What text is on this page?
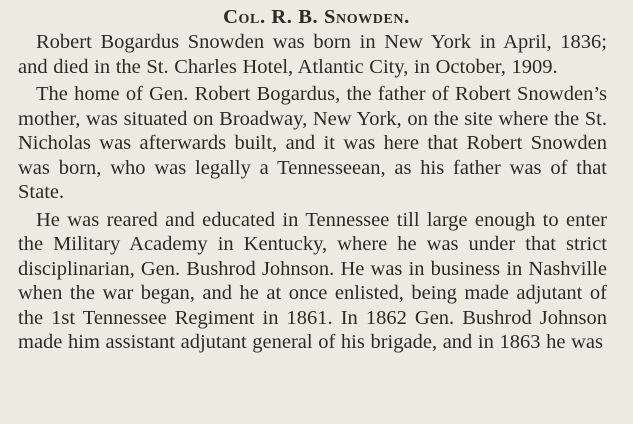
Col. R. B. Snowden.

Robert Bogardus Snowden was born in New York in April, 1836; and died in the St. Charles Hotel, Atlantic City, in October, 1909.

The home of Gen. Robert Bogardus, the father of Robert Snowden’s mother, was situated on Broadway, New York, on the site where the St. Nicholas was afterwards built, and it was here that Robert Snowden was born, who was legally a Tennesseean, as his father was of that State.

He was reared and educated in Tennessee till large enough to enter the Military Academy in Kentucky, where he was under that strict disciplinarian, Gen. Bushrod Johnson. He was in business in Nashville when the war began, and he at once enlisted, being made adjutant of the 1st Tennessee Regiment in 1861. In 1862 Gen. Bushrod Johnson made him assistant adjutant general of his brigade, and in 1863 he was
